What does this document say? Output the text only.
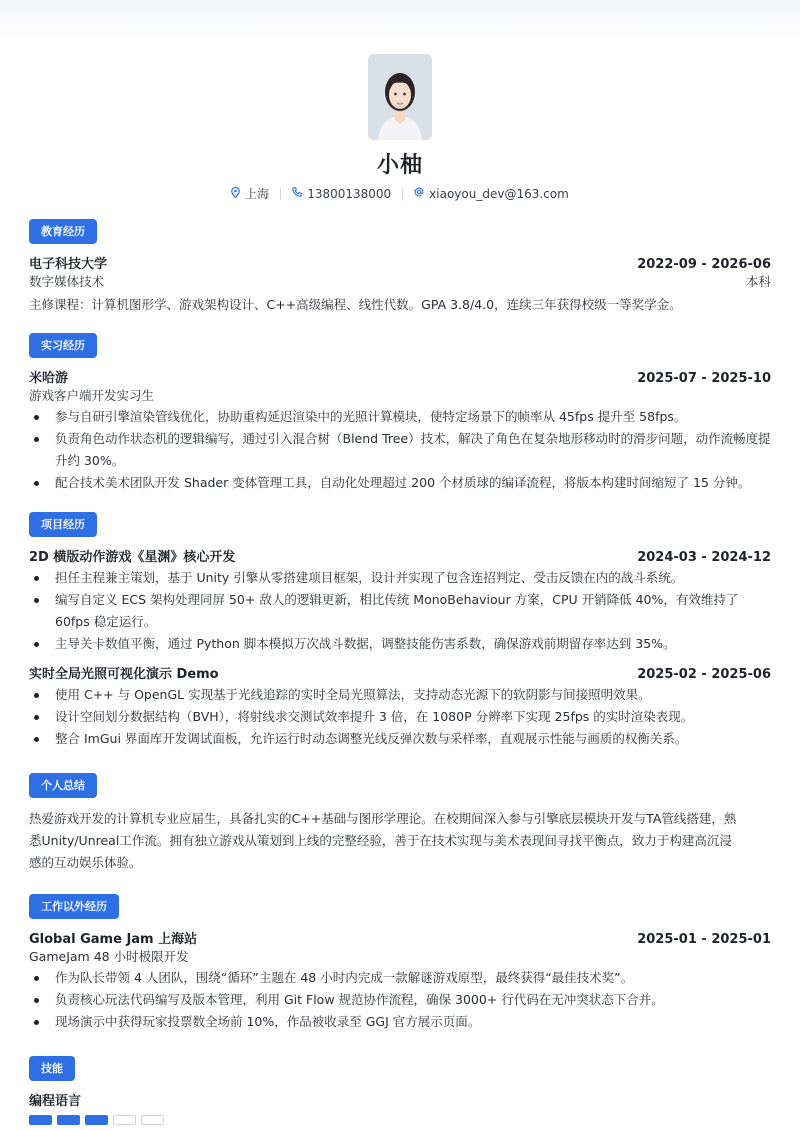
小柚
上海	13800138000	xiaoyou_dev@163.com
教育经历
电子科技大学	2022-09 - 2026-06
数字媒体技术	本科
主修课程：计算机图形学、游戏架构设计、C++高级编程、线性代数。GPA 3.8/4.0，连续三年获得校级一等奖学金。
实习经历
米哈游	2025-07 - 2025-10
游戏客户端开发实习生
参与自研引擎渲染管线优化，协助重构延迟渲染中的光照计算模块，使特定场景下的帧率从 45fps 提升至 58fps。
负责角色动作状态机的逻辑编写，通过引入混合树（Blend Tree）技术，解决了角色在复杂地形移动时的滑步问题，动作流畅度提升约 30%。
配合技术美术团队开发 Shader 变体管理工具，自动化处理超过 200 个材质球的编译流程，将版本构建时间缩短了 15 分钟。
项目经历
2D 横版动作游戏《星渊》核心开发	2024-03 - 2024-12
担任主程兼主策划，基于 Unity 引擎从零搭建项目框架，设计并实现了包含连招判定、受击反馈在内的战斗系统。
编写自定义 ECS 架构处理同屏 50+ 敌人的逻辑更新，相比传统 MonoBehaviour 方案，CPU 开销降低 40%，有效维持了 60fps 稳定运行。
主导关卡数值平衡，通过 Python 脚本模拟万次战斗数据，调整技能伤害系数，确保游戏前期留存率达到 35%。
实时全局光照可视化演示 Demo	2025-02 - 2025-06
使用 C++ 与 OpenGL 实现基于光线追踪的实时全局光照算法，支持动态光源下的软阴影与间接照明效果。
设计空间划分数据结构（BVH），将射线求交测试效率提升 3 倍，在 1080P 分辨率下实现 25fps 的实时渲染表现。
整合 ImGui 界面库开发调试面板，允许运行时动态调整光线反弹次数与采样率，直观展示性能与画质的权衡关系。
个人总结
热爱游戏开发的计算机专业应届生，具备扎实的C++基础与图形学理论。在校期间深入参与引擎底层模块开发与TA管线搭建，熟
悉Unity/Unreal工作流。拥有独立游戏从策划到上线的完整经验，善于在技术实现与美术表现间寻找平衡点，致力于构建高沉浸
感的互动娱乐体验。
工作以外经历
Global Game Jam 上海站	2025-01 - 2025-01
GameJam 48 小时极限开发
作为队长带领 4 人团队，围绕“循环”主题在 48 小时内完成一款解谜游戏原型，最终获得“最佳技术奖”。
负责核心玩法代码编写及版本管理，利用 Git Flow 规范协作流程，确保 3000+ 行代码在无冲突状态下合并。
现场演示中获得玩家投票数全场前 10%，作品被收录至 GGJ 官方展示页面。
技能
编程语言
